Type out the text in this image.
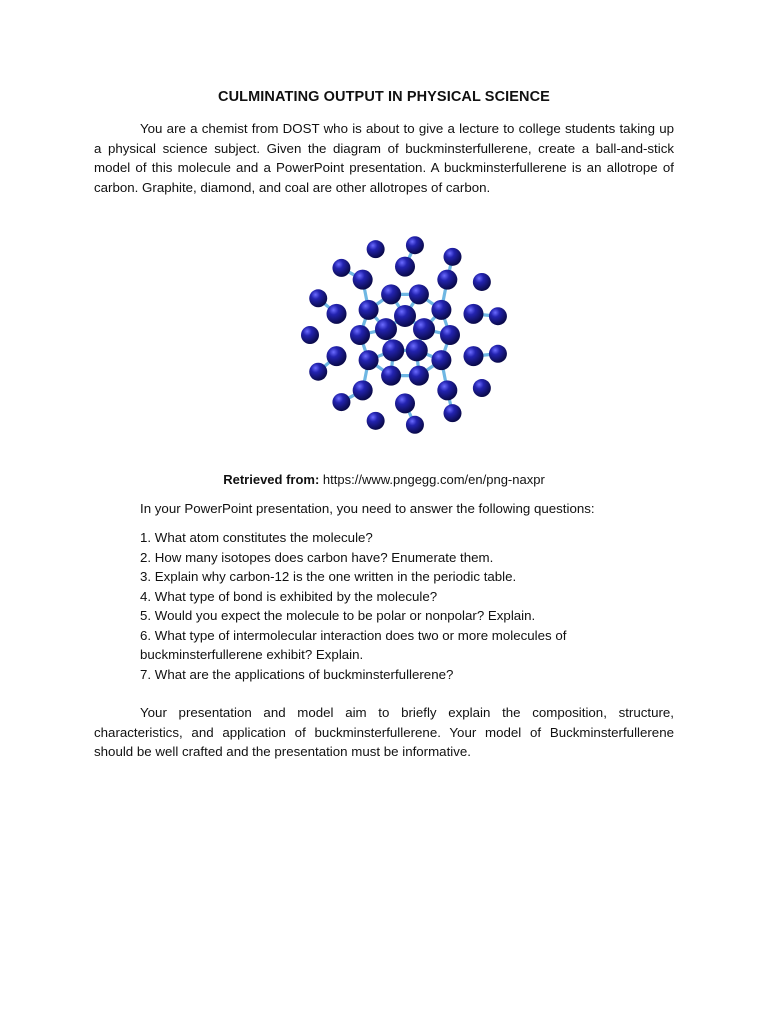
CULMINATING OUTPUT IN PHYSICAL SCIENCE
You are a chemist from DOST who is about to give a lecture to college students taking up a physical science subject. Given the diagram of buckminsterfullerene, create a ball-and-stick model of this molecule and a PowerPoint presentation. A buckminsterfullerene is an allotrope of carbon. Graphite, diamond, and coal are other allotropes of carbon.
Retrieved from: https://www.pngegg.com/en/png-naxpr
In your PowerPoint presentation, you need to answer the following questions:
1. What atom constitutes the molecule?
2. How many isotopes does carbon have? Enumerate them.
3. Explain why carbon-12 is the one written in the periodic table.
4. What type of bond is exhibited by the molecule?
5. Would you expect the molecule to be polar or nonpolar? Explain.
6. What type of intermolecular interaction does two or more molecules of buckminsterfullerene exhibit? Explain.
7. What are the applications of buckminsterfullerene?
Your presentation and model aim to briefly explain the composition, structure, characteristics, and application of buckminsterfullerene. Your model of Buckminsterfullerene should be well crafted and the presentation must be informative.
